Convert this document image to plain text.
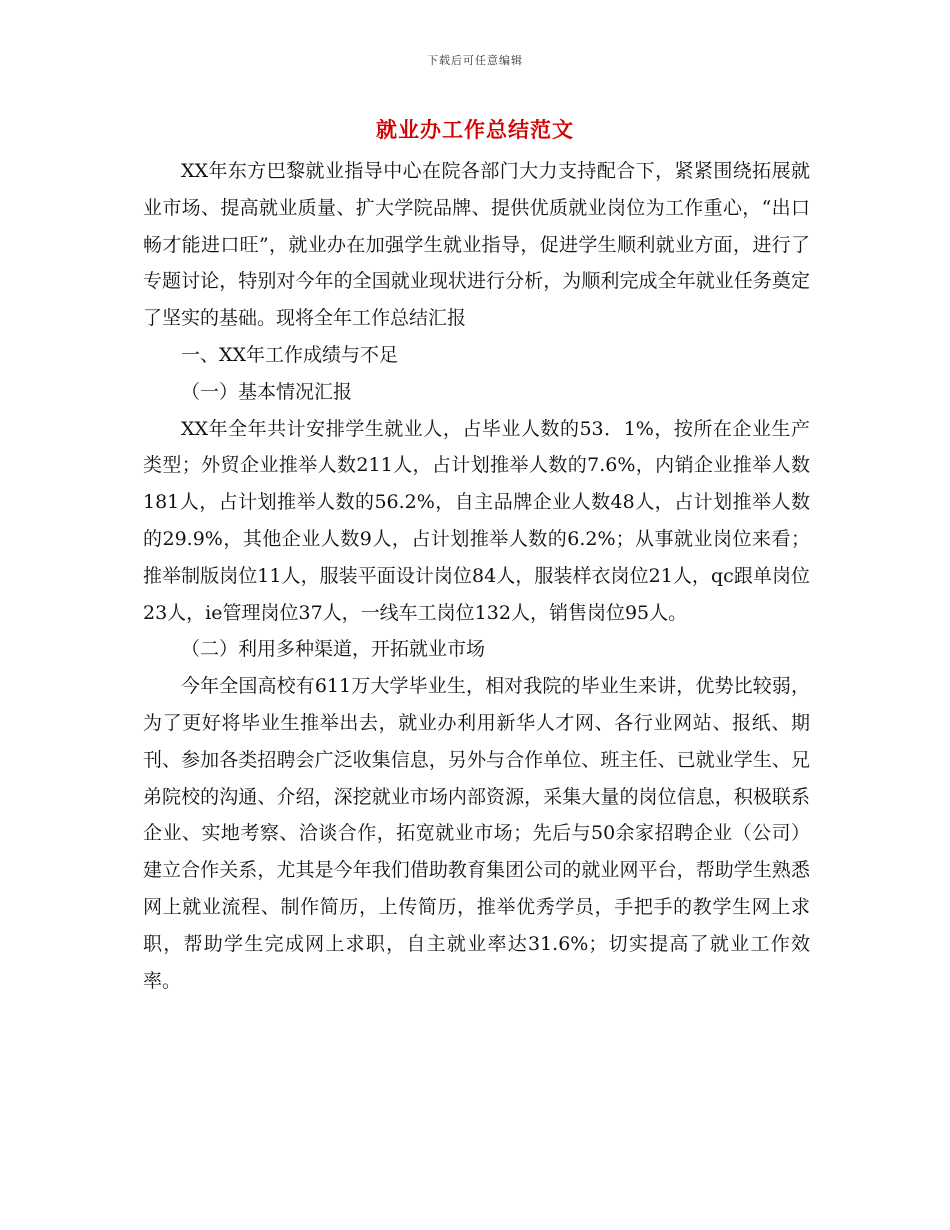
下载后可任意编辑
就业办工作总结范文

XX年东方巴黎就业指导中心在院各部门大力支持配合下，紧紧围绕拓展就业市场、提高就业质量、扩大学院品牌、提供优质就业岗位为工作重心，“出口畅才能进口旺”，就业办在加强学生就业指导，促进学生顺利就业方面，进行了专题讨论，特别对今年的全国就业现状进行分析，为顺利完成全年就业任务奠定了坚实的基础。现将全年工作总结汇报

一、XX年工作成绩与不足

（一）基本情况汇报

XX年全年共计安排学生就业人，占毕业人数的53．1%，按所在企业生产类型；外贸企业推举人数211人，占计划推举人数的7.6%，内销企业推举人数181人，占计划推举人数的56.2%，自主品牌企业人数48人，占计划推举人数的29.9%，其他企业人数9人，占计划推举人数的6.2%；从事就业岗位来看；推举制版岗位11人，服装平面设计岗位84人，服装样衣岗位21人，qc跟单岗位23人，ie管理岗位37人，一线车工岗位132人，销售岗位95人。

（二）利用多种渠道，开拓就业市场

今年全国高校有611万大学毕业生，相对我院的毕业生来讲，优势比较弱，为了更好将毕业生推举出去，就业办利用新华人才网、各行业网站、报纸、期刊、参加各类招聘会广泛收集信息，另外与合作单位、班主任、已就业学生、兄弟院校的沟通、介绍，深挖就业市场内部资源，采集大量的岗位信息，积极联系企业、实地考察、洽谈合作，拓宽就业市场；先后与50余家招聘企业（公司）建立合作关系，尤其是今年我们借助教育集团公司的就业网平台，帮助学生熟悉网上就业流程、制作简历，上传简历，推举优秀学员，手把手的教学生网上求职，帮助学生完成网上求职，自主就业率达31.6%；切实提高了就业工作效率。
